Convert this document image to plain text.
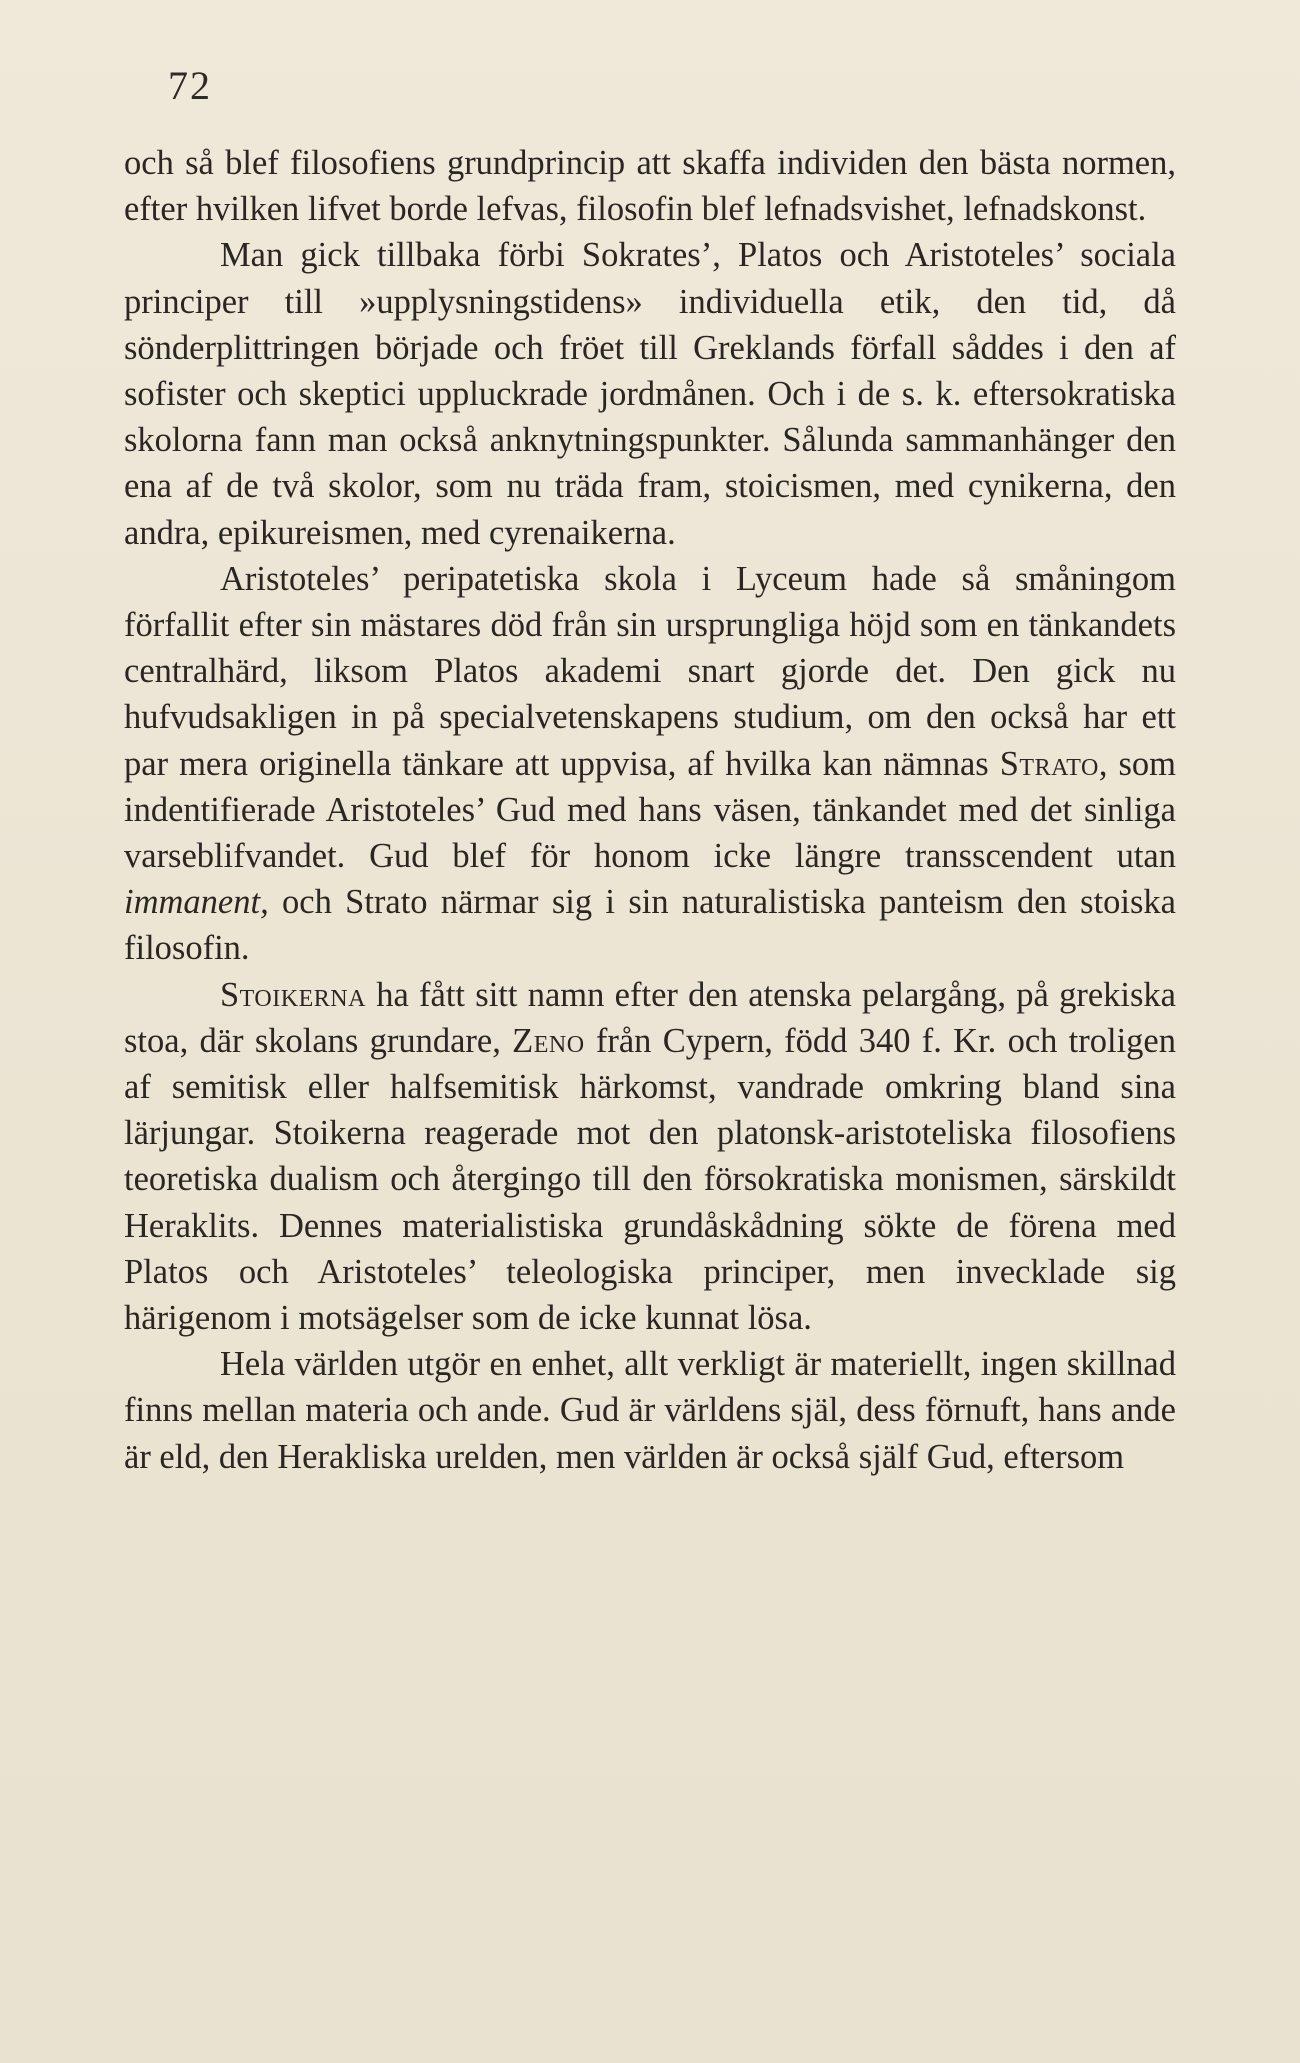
72

och så blef filosofiens grundprincip att skaffa individen den bästa normen, efter hvilken lifvet borde lefvas, filosofin blef lefnadsvishet, lefnadskonst.

Man gick tillbaka förbi Sokrates’, Platos och Aristoteles’ sociala principer till »upplysningstidens» individuella etik, den tid, då sönderplittringen började och fröet till Greklands förfall såddes i den af sofister och skeptici uppluckrade jordmånen. Och i de s. k. eftersokratiska skolorna fann man också anknytningspunkter. Sålunda sammanhänger den ena af de två skolor, som nu träda fram, stoicismen, med cynikerna, den andra, epikureismen, med cyrenaikerna.

Aristoteles’ peripatetiska skola i Lyceum hade så småningom förfallit efter sin mästares död från sin ursprungliga höjd som en tänkandets centralhärd, liksom Platos akademi snart gjorde det. Den gick nu hufvudsakligen in på specialvetenskapens studium, om den också har ett par mera originella tänkare att uppvisa, af hvilka kan nämnas Strato, som indentifierade Aristoteles’ Gud med hans väsen, tänkandet med det sinliga varseblifvandet. Gud blef för honom icke längre transscendent utan immanent, och Strato närmar sig i sin naturalistiska panteism den stoiska filosofin.

Stoikerna ha fått sitt namn efter den atenska pelargång, på grekiska stoa, där skolans grundare, Zeno från Cypern, född 340 f. Kr. och troligen af semitisk eller halfsemitisk härkomst, vandrade omkring bland sina lärjungar. Stoikerna reagerade mot den platonsk-aristoteliska filosofiens teoretiska dualism och återgingo till den försokratiska monismen, särskildt Heraklits. Dennes materialistiska grundåskådning sökte de förena med Platos och Aristoteles’ teleologiska principer, men invecklade sig härigenom i motsägelser som de icke kunnat lösa.

Hela världen utgör en enhet, allt verkligt är materiellt, ingen skillnad finns mellan materia och ande. Gud är världens själ, dess förnuft, hans ande är eld, den Herakliska urelden, men världen är också själf Gud, eftersom
